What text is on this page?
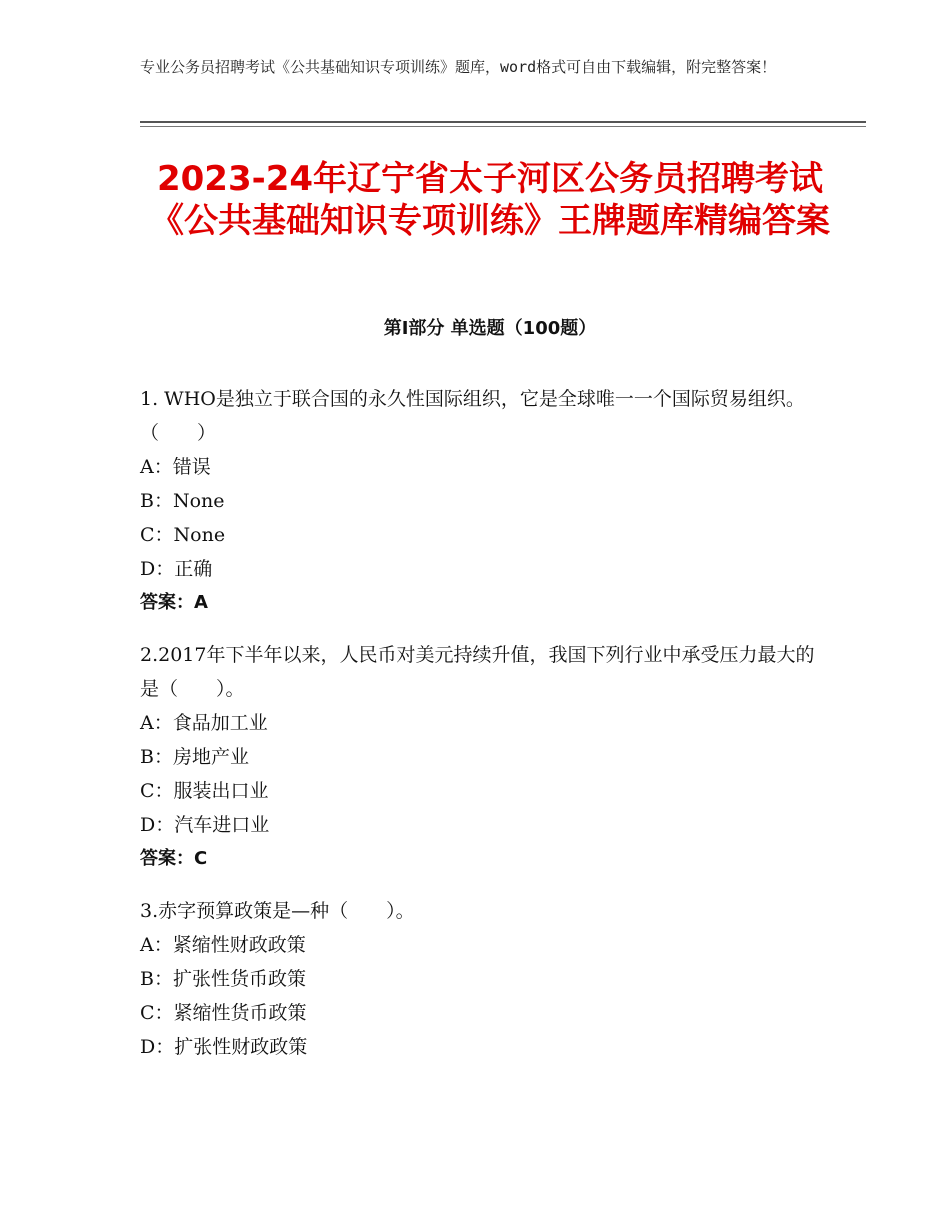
专业公务员招聘考试《公共基础知识专项训练》题库，word格式可自由下载编辑，附完整答案！
2023-24年辽宁省太子河区公务员招聘考试《公共基础知识专项训练》王牌题库精编答案
第Ⅰ部分 单选题（100题）
1. WHO是独立于联合国的永久性国际组织，它是全球唯一一个国际贸易组织。（　　）
A：错误
B：None
C：None
D：正确
答案：A
2.2017年下半年以来，人民币对美元持续升值，我国下列行业中承受压力最大的是（　　）。
A：食品加工业
B：房地产业
C：服装出口业
D：汽车进口业
答案：C
3.赤字预算政策是—种（　　）。
A：紧缩性财政政策
B：扩张性货币政策
C：紧缩性货币政策
D：扩张性财政政策
